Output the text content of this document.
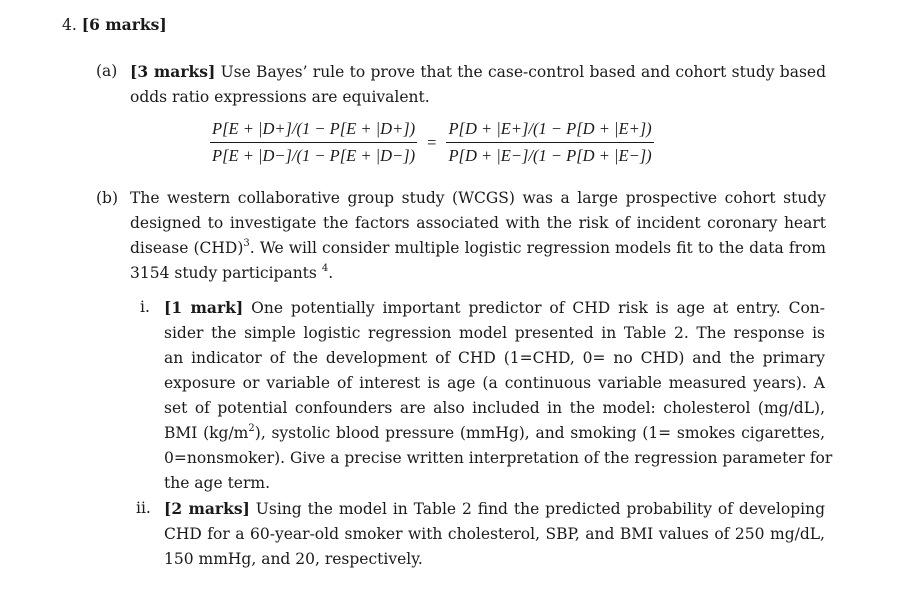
4. [6 marks]
(a) [3 marks] Use Bayes’ rule to prove that the case-control based and cohort study based
odds ratio expressions are equivalent.
$\frac{P[E + |D+]/(1 - P[E + |D+])}{P[E + |D-]/(1 - P[E + |D-])} = \frac{P[D + |E+]/(1 - P[D + |E+])}{P[D + |E-]/(1 - P[D + |E-])}$
(b) The western collaborative group study (WCGS) was a large prospective cohort study
designed to investigate the factors associated with the risk of incident coronary heart
disease (CHD)$^3$. We will consider multiple logistic regression models fit to the data from
3154 study participants $^4$.
i. [1 mark] One potentially important predictor of CHD risk is age at entry. Con-
sider the simple logistic regression model presented in Table 2. The response is
an indicator of the development of CHD (1=CHD, 0= no CHD) and the primary
exposure or variable of interest is age (a continuous variable measured years). A
set of potential confounders are also included in the model: cholesterol (mg/dL),
BMI $(kg/m^2)$, systolic blood pressure (mmHg), and smoking (1= smokes cigarettes,
0=nonsmoker). Give a precise written interpretation of the regression parameter for
the age term.
ii. [2 marks] Using the model in Table 2 find the predicted probability of developing
CHD for a 60-year-old smoker with cholesterol, SBP, and BMI values of 250 mg/dL,
150 mmHg, and 20, respectively.
